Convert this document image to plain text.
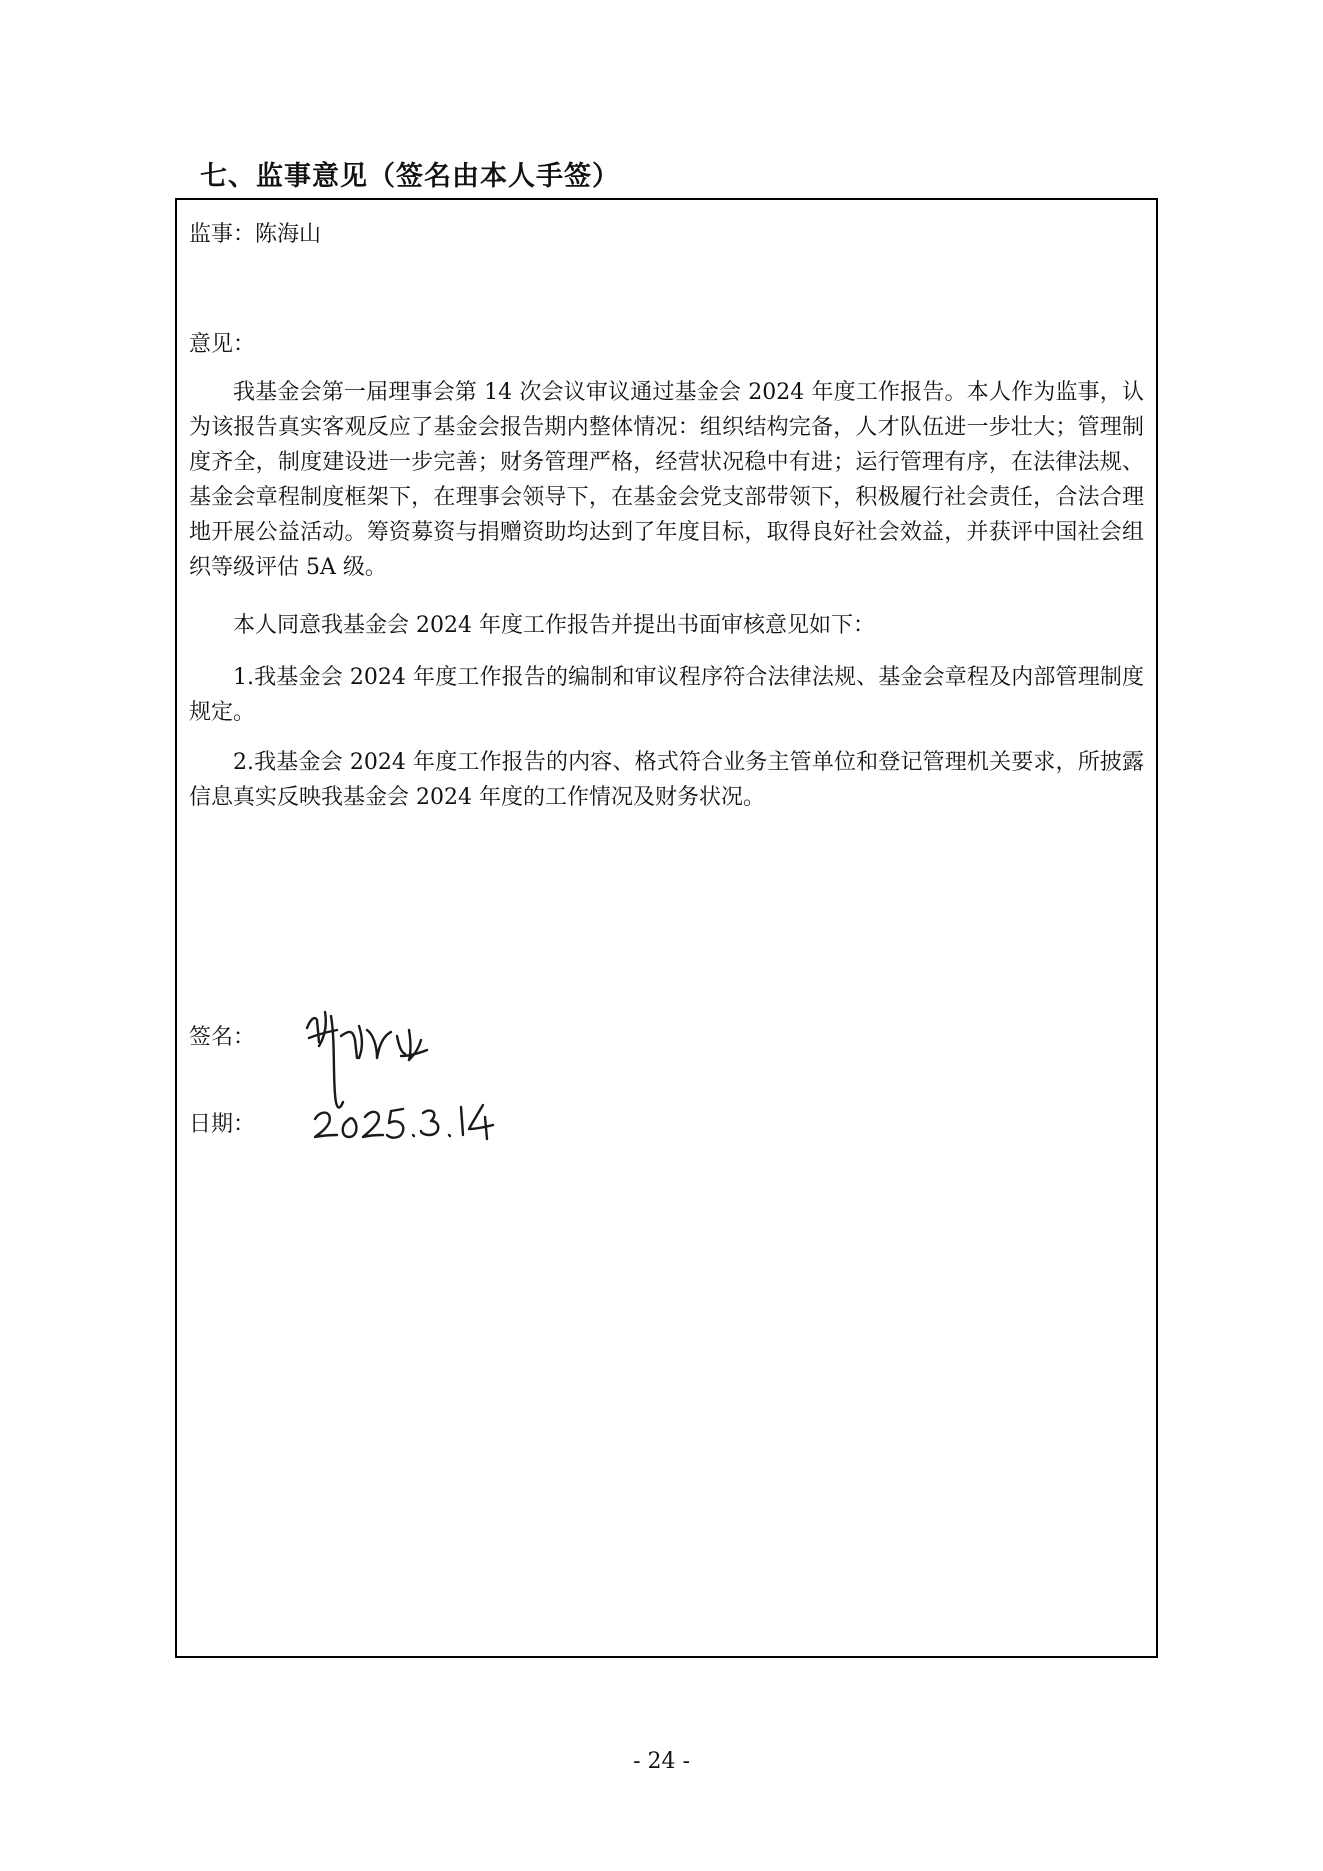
七、监事意见（签名由本人手签）
监事：陈海山
意见：

我基金会第一届理事会第 14 次会议审议通过基金会 2024 年度工作报告。本人作为监事，认为该报告真实客观反应了基金会报告期内整体情况：组织结构完备，人才队伍进一步壮大；管理制度齐全，制度建设进一步完善；财务管理严格，经营状况稳中有进；运行管理有序，在法律法规、基金会章程制度框架下，在理事会领导下，在基金会党支部带领下，积极履行社会责任，合法合理地开展公益活动。筹资募资与捐赠资助均达到了年度目标，取得良好社会效益，并获评中国社会组织等级评估 5A 级。

本人同意我基金会 2024 年度工作报告并提出书面审核意见如下：

1.我基金会 2024 年度工作报告的编制和审议程序符合法律法规、基金会章程及内部管理制度规定。

2.我基金会 2024 年度工作报告的内容、格式符合业务主管单位和登记管理机关要求，所披露信息真实反映我基金会 2024 年度的工作情况及财务状况。

签名：
日期：
- 24 -
